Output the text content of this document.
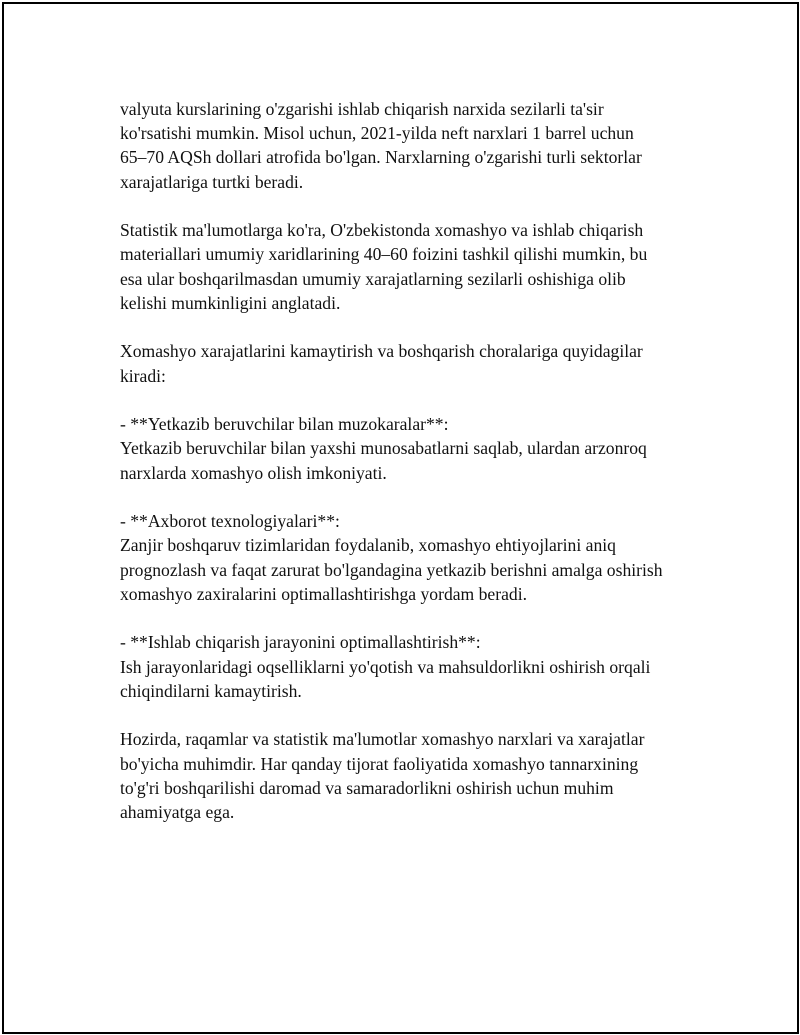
valyuta kurslarining o'zgarishi ishlab chiqarish narxida sezilarli ta'sir
ko'rsatishi mumkin. Misol uchun, 2021-yilda neft narxlari 1 barrel uchun
65–70 AQSh dollari atrofida bo'lgan. Narxlarning o'zgarishi turli sektorlar
xarajatlariga turtki beradi.

Statistik ma'lumotlarga ko'ra, O'zbekistonda xomashyo va ishlab chiqarish
materiallari umumiy xaridlarining 40–60 foizini tashkil qilishi mumkin, bu
esa ular boshqarilmasdan umumiy xarajatlarning sezilarli oshishiga olib
kelishi mumkinligini anglatadi.

Xomashyo xarajatlarini kamaytirish va boshqarish choralariga quyidagilar
kiradi:

- **Yetkazib beruvchilar bilan muzokaralar**:
Yetkazib beruvchilar bilan yaxshi munosabatlarni saqlab, ulardan arzonroq
narxlarda xomashyo olish imkoniyati.

- **Axborot texnologiyalari**:
Zanjir boshqaruv tizimlaridan foydalanib, xomashyo ehtiyojlarini aniq
prognozlash va faqat zarurat bo'lgandagina yetkazib berishni amalga oshirish
xomashyo zaxiralarini optimallashtirishga yordam beradi.

- **Ishlab chiqarish jarayonini optimallashtirish**:
Ish jarayonlaridagi oqselliklarni yo'qotish va mahsuldorlikni oshirish orqali
chiqindilarni kamaytirish.

Hozirda, raqamlar va statistik ma'lumotlar xomashyo narxlari va xarajatlar
bo'yicha muhimdir. Har qanday tijorat faoliyatida xomashyo tannarxining
to'g'ri boshqarilishi daromad va samaradorlikni oshirish uchun muhim
ahamiyatga ega.
